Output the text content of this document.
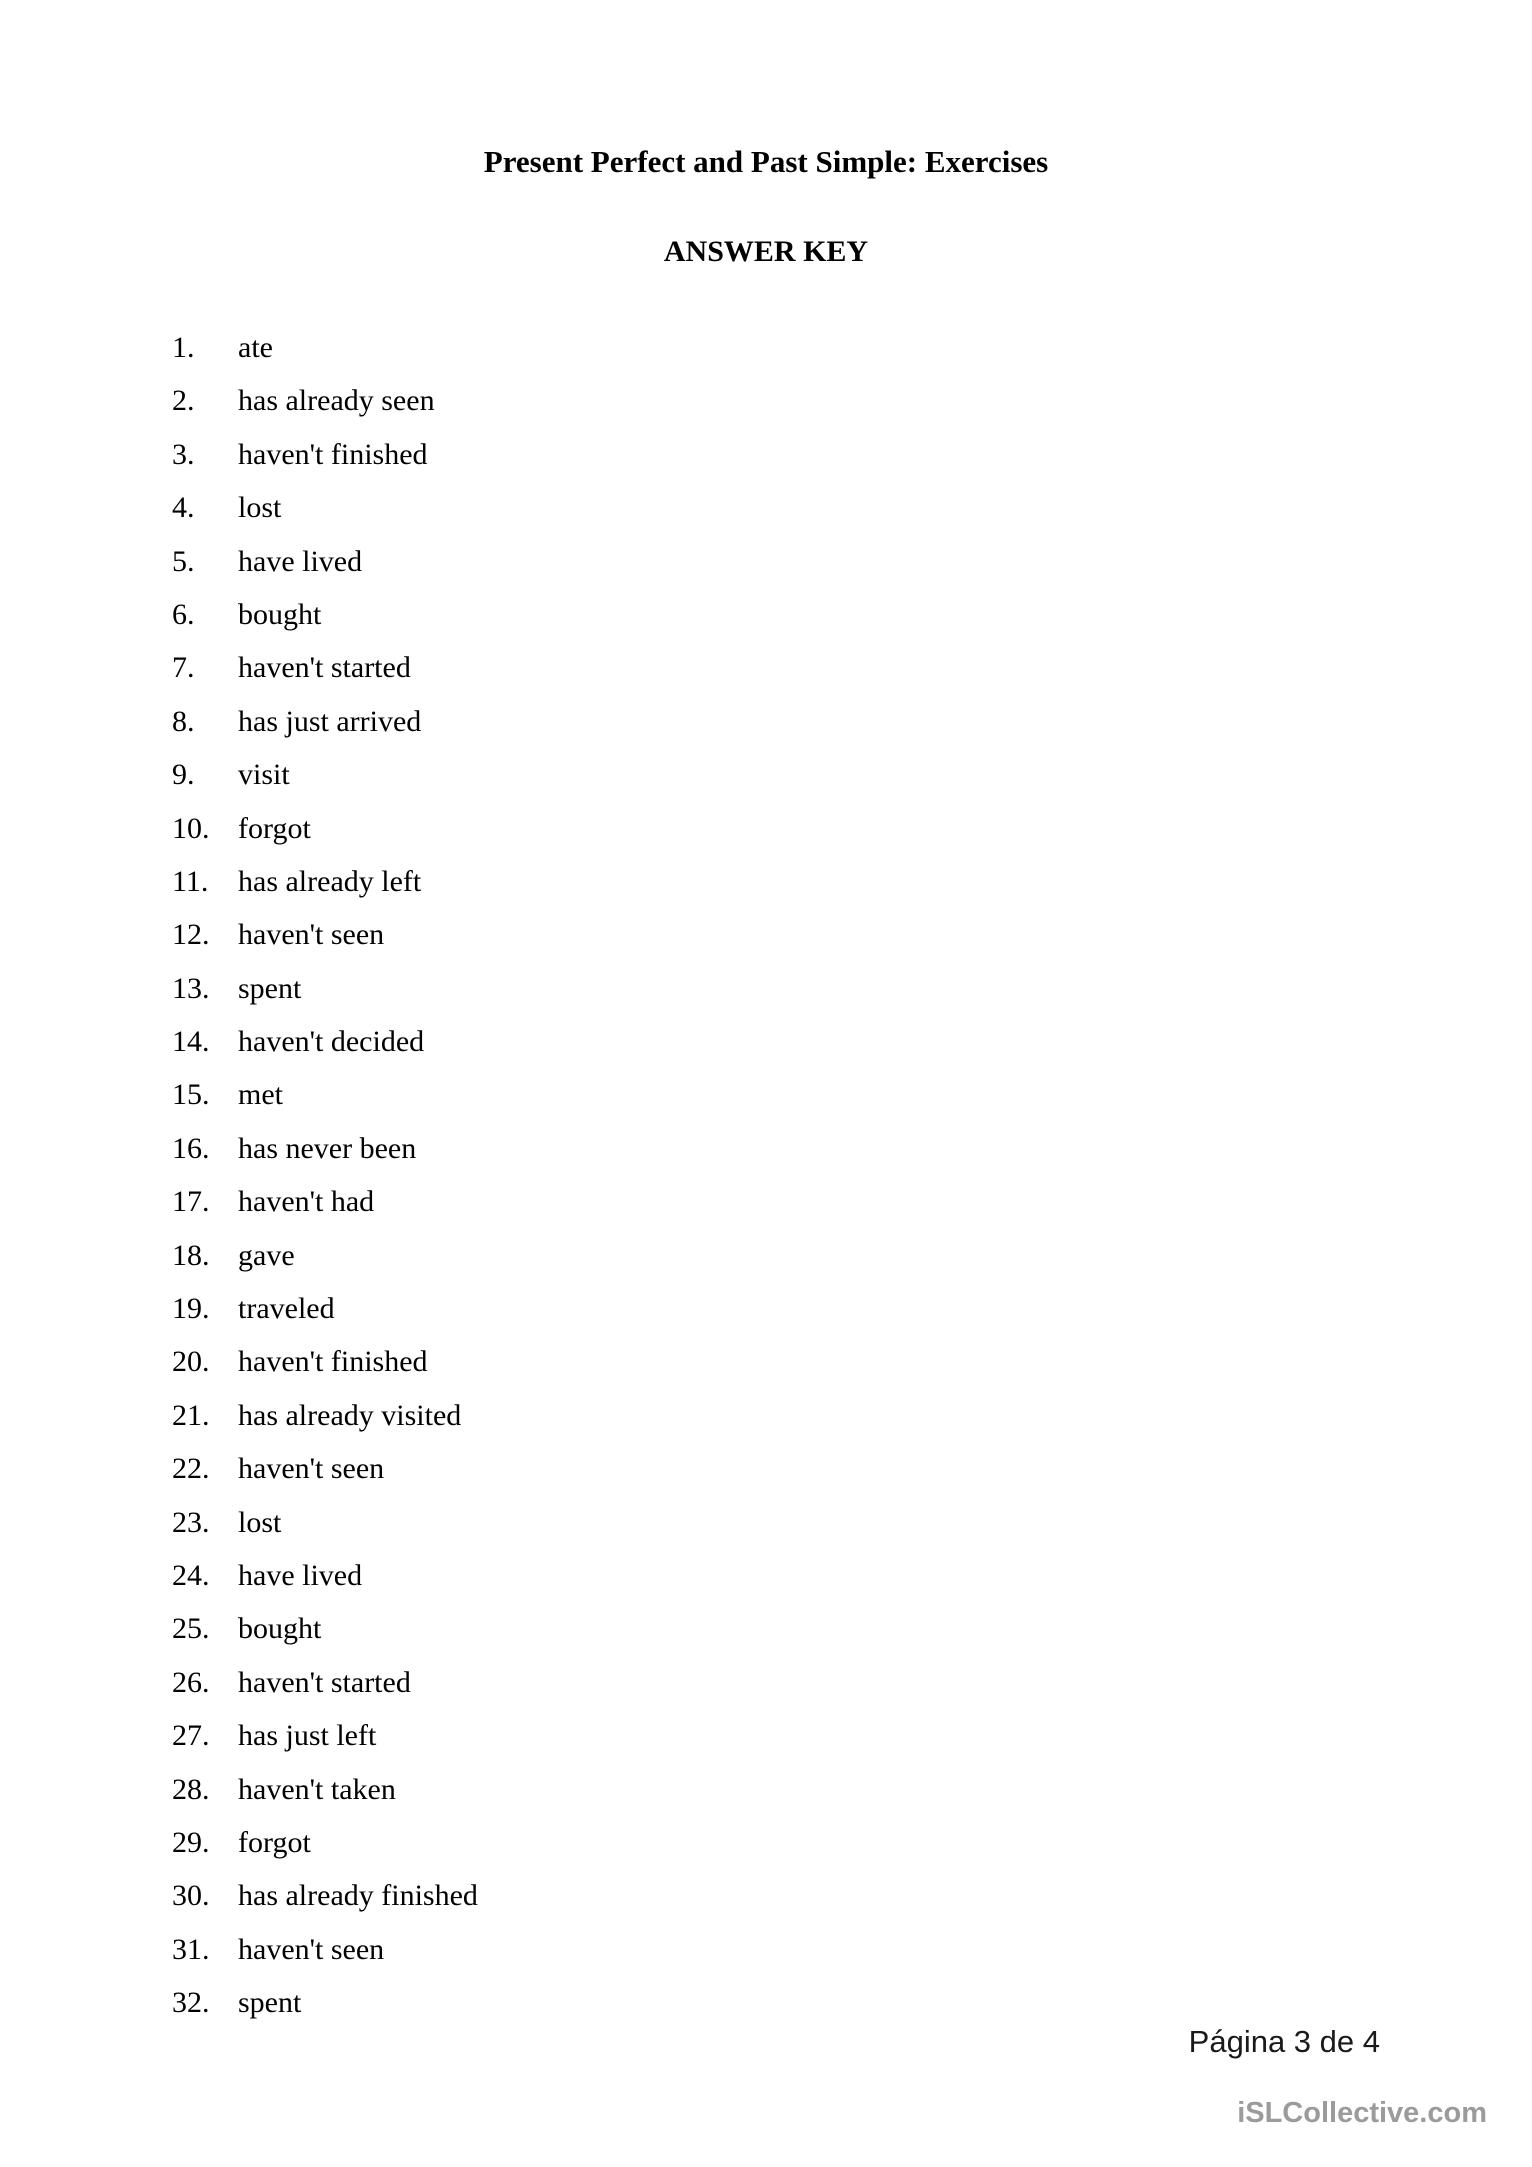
Present Perfect and Past Simple: Exercises
ANSWER KEY
1.	ate
2.	has already seen
3.	haven't finished
4.	lost
5.	have lived
6.	bought
7.	haven't started
8.	has just arrived
9.	visit
10. forgot
11. has already left
12. haven't seen
13. spent
14. haven't decided
15. met
16. has never been
17. haven't had
18. gave
19. traveled
20. haven't finished
21. has already visited
22. haven't seen
23. lost
24. have lived
25. bought
26. haven't started
27. has just left
28. haven't taken
29. forgot
30. has already finished
31. haven't seen
32. spent
Página 3 de 4
iSLCollective.com
